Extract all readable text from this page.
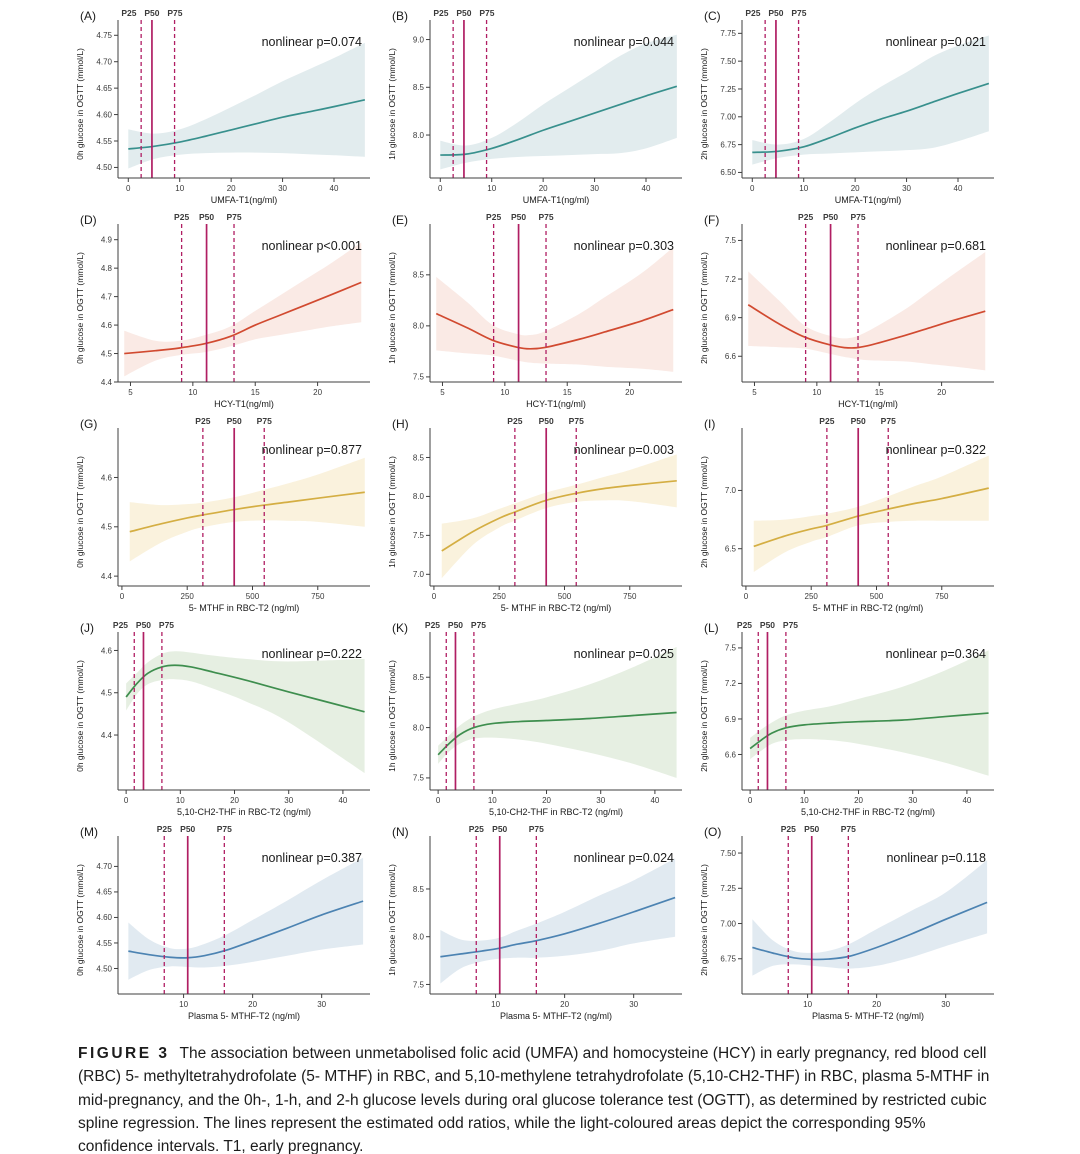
P25 P50 P75
4.50
4.55
4.60
4.65
4.70
4.75
0	10	20	30	40
UMFA-T1(ng/ml)
0h glucose in OGTT (mmol/L)
nonlinear p=0.074
(A)	P25 P50 P75
8.0
8.5
9.0
0	10	20	30	40
UMFA-T1(ng/ml)
1h glucose in OGTT (mmol/L)
nonlinear p=0.044
(B)	P25 P50 P75
6.50
6.75
7.00
7.25
7.50
7.75
0	10	20	30	40
UMFA-T1(ng/ml)
2h glucose in OGTT (mmol/L)
nonlinear p=0.021
(C)
P25 P50 P75
4.4
4.5
4.6
4.7
4.8
4.9
5	10	15	20
HCY-T1(ng/ml)
0h glucose in OGTT (mmol/L)
nonlinear p<0.001
(D)	P25 P50 P75
7.5
8.0
8.5
5	10	15	20
HCY-T1(ng/ml)
1h glucose in OGTT (mmol/L)
nonlinear p=0.303
(E)	P25 P50 P75
6.6
6.9
7.2
7.5
5	10	15	20
HCY-T1(ng/ml)
2h glucose in OGTT (mmol/L)
nonlinear p=0.681
(F)
P25 P50 P75
4.4
4.5
4.6
0	250	500	750
5- MTHF in RBC-T2 (ng/ml)
0h glucose in OGTT (mmol/L)
nonlinear p=0.877
(G)	P25 P50 P75
7.0
7.5
8.0
8.5
0	250	500	750
5- MTHF in RBC-T2 (ng/ml)
1h glucose in OGTT (mmol/L)
nonlinear p=0.003
(H)	P25 P50 P75
6.5
7.0
0	250	500	750
5- MTHF in RBC-T2 (ng/ml)
2h glucose in OGTT (mmol/L)
nonlinear p=0.322
(I)
P25 P50 P75
4.4
4.5
4.6
0	10	20	30	40
5,10-CH2-THF in RBC-T2 (ng/ml)
0h glucose in OGTT (mmol/L)
nonlinear p=0.222
(J)	P25 P50 P75
7.5
8.0
8.5
0	10	20	30	40
5,10-CH2-THF in RBC-T2 (ng/ml)
1h glucose in OGTT (mmol/L)
nonlinear p=0.025
(K)	P25 P50 P75
6.6
6.9
7.2
7.5
0	10	20	30	40
5,10-CH2-THF in RBC-T2 (ng/ml)
2h glucose in OGTT (mmol/L)
nonlinear p=0.364
(L)
P25 P50	P75
4.50
4.55
4.60
4.65
4.70
10	20	30
Plasma 5- MTHF-T2 (ng/ml)
0h glucose in OGTT (mmol/L)
nonlinear p=0.387
(M)	P25 P50	P75
7.5
8.0
8.5
10	20	30
Plasma 5- MTHF-T2 (ng/ml)
1h glucose in OGTT (mmol/L)
nonlinear p=0.024
(N)	P25 P50	P75
6.75
7.00
7.25
7.50
10	20	30
Plasma 5- MTHF-T2 (ng/ml)
2h glucose in OGTT (mmol/L)
nonlinear p=0.118
(O)

FIGURE 3 The association between unmetabolised folic acid (UMFA) and homocysteine (HCY) in early pregnancy, red blood cell (RBC) 5- methyltetrahydrofolate (5- MTHF) in RBC, and 5,10-methylene tetrahydrofolate (5,10-CH2-THF) in RBC, plasma 5-MTHF in mid-pregnancy, and the 0h-, 1-h, and 2-h glucose levels during oral glucose tolerance test (OGTT), as determined by restricted cubic spline regression. The lines represent the estimated odd ratios, while the light-coloured areas depict the corresponding 95% confidence intervals. T1, early pregnancy.
